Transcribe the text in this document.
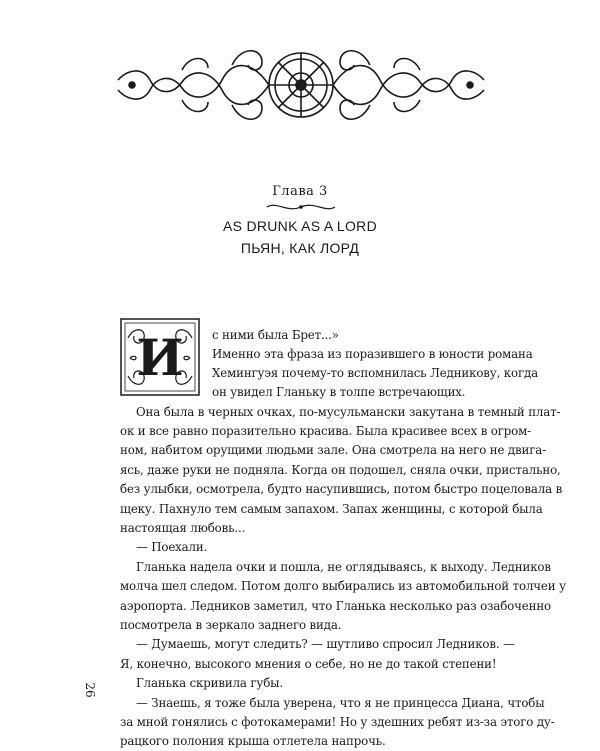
Глава 3
AS DRUNK AS A LORD
ПЬЯН, КАК ЛОРД
И с ними была Брет...»
Именно эта фраза из поразившего в юности романа
Хемингуэя почему-то вспомнилась Ледникову, когда
он увидел Гланьку в толпе встречающих.
Она была в черных очках, по-мусульмански закутана в темный плат-
ок и все равно поразительно красива. Была красивее всех в огром-
ном, набитом орущими людьми зале. Она смотрела на него не двига-
ясь, даже руки не подняла. Когда он подошел, сняла очки, пристально,
без улыбки, осмотрела, будто насупившись, потом быстро поцеловала в
щеку. Пахнуло тем самым запахом. Запах женщины, с которой была
настоящая любовь...
— Поехали.
Гланька надела очки и пошла, не оглядываясь, к выходу. Ледников
молча шел следом. Потом долго выбирались из автомобильной толчеи у
аэропорта. Ледников заметил, что Гланька несколько раз озабоченно
посмотрела в зеркало заднего вида.
— Думаешь, могут следить? — шутливо спросил Ледников. —
Я, конечно, высокого мнения о себе, но не до такой степени!
Гланька скривила губы.
— Знаешь, я тоже была уверена, что я не принцесса Диана, чтобы
за мной гонялись с фотокамерами! Но у здешних ребят из-за этого ду-
рацкого полония крыша отлетела напрочь.
26
